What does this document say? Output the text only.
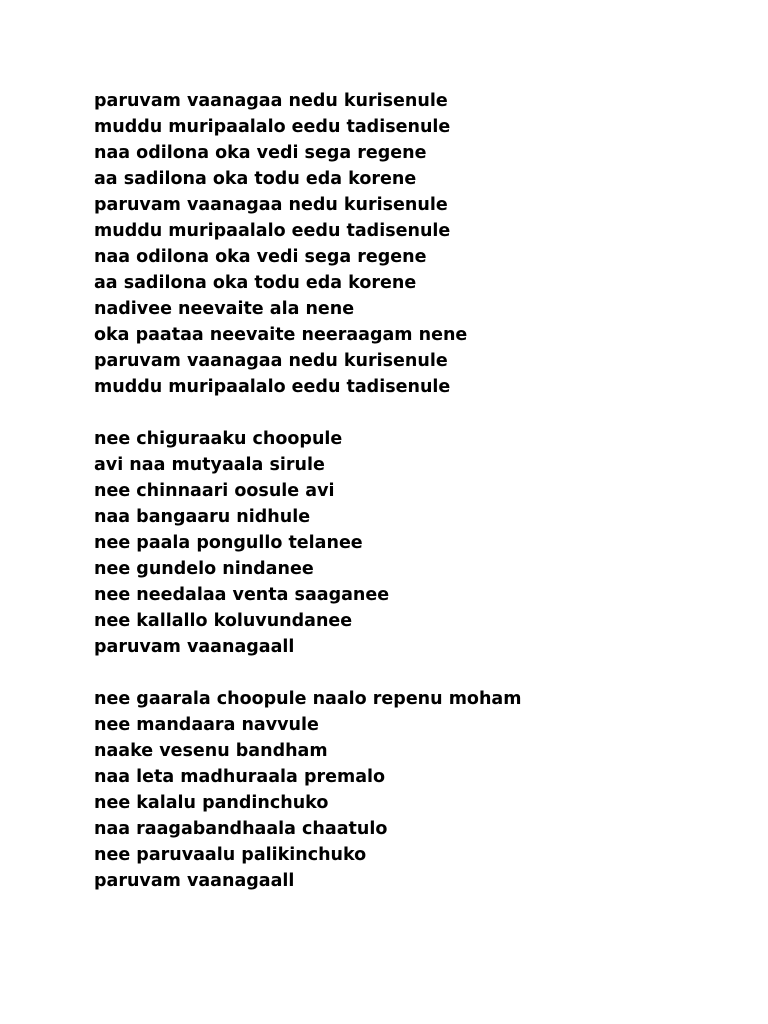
paruvam vaanagaa nedu kurisenule
muddu muripaalalo eedu tadisenule
naa odilona oka vedi sega regene
aa sadilona oka todu eda korene
paruvam vaanagaa nedu kurisenule
muddu muripaalalo eedu tadisenule
naa odilona oka vedi sega regene
aa sadilona oka todu eda korene
nadivee neevaite ala nene
oka paataa neevaite neeraagam nene
paruvam vaanagaa nedu kurisenule
muddu muripaalalo eedu tadisenule
nee chiguraaku choopule
avi naa mutyaala sirule
nee chinnaari oosule avi
naa bangaaru nidhule
nee paala pongullo telanee
nee gundelo nindanee
nee needalaa venta saaganee
nee kallallo koluvundanee
paruvam vaanagaall
nee gaarala choopule naalo repenu moham
nee mandaara navvule
naake vesenu bandham
naa leta madhuraala premalo
nee kalalu pandinchuko
naa raagabandhaala chaatulo
nee paruvaalu palikinchuko
paruvam vaanagaall
